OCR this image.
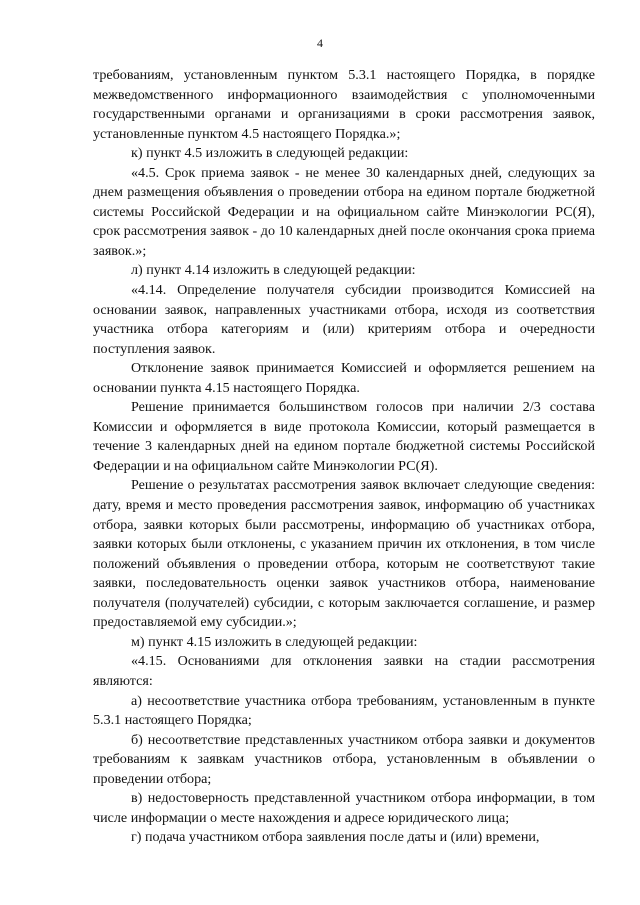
4

требованиям, установленным пунктом 5.3.1 настоящего Порядка, в порядке межведомственного информационного взаимодействия с уполномоченными государственными органами и организациями в сроки рассмотрения заявок, установленные пунктом 4.5 настоящего Порядка.»;

к) пункт 4.5 изложить в следующей редакции:

«4.5. Срок приема заявок - не менее 30 календарных дней, следующих за днем размещения объявления о проведении отбора на едином портале бюджетной системы Российской Федерации и на официальном сайте Минэкологии РС(Я), срок рассмотрения заявок - до 10 календарных дней после окончания срока приема заявок.»;

л) пункт 4.14 изложить в следующей редакции:

«4.14. Определение получателя субсидии производится Комиссией на основании заявок, направленных участниками отбора, исходя из соответствия участника отбора категориям и (или) критериям отбора и очередности поступления заявок.

Отклонение заявок принимается Комиссией и оформляется решением на основании пункта 4.15 настоящего Порядка.

Решение принимается большинством голосов при наличии 2/3 состава Комиссии и оформляется в виде протокола Комиссии, который размещается в течение 3 календарных дней на едином портале бюджетной системы Российской Федерации и на официальном сайте Минэкологии РС(Я).

Решение о результатах рассмотрения заявок включает следующие сведения: дату, время и место проведения рассмотрения заявок, информацию об участниках отбора, заявки которых были рассмотрены, информацию об участниках отбора, заявки которых были отклонены, с указанием причин их отклонения, в том числе положений объявления о проведении отбора, которым не соответствуют такие заявки, последовательность оценки заявок участников отбора, наименование получателя (получателей) субсидии, с которым заключается соглашение, и размер предоставляемой ему субсидии.»;

м) пункт 4.15 изложить в следующей редакции:

«4.15. Основаниями для отклонения заявки на стадии рассмотрения являются:

а) несоответствие участника отбора требованиям, установленным в пункте 5.3.1 настоящего Порядка;

б) несоответствие представленных участником отбора заявки и документов требованиям к заявкам участников отбора, установленным в объявлении о проведении отбора;

в) недостоверность представленной участником отбора информации, в том числе информации о месте нахождения и адресе юридического лица;

г) подача участником отбора заявления после даты и (или) времени,
